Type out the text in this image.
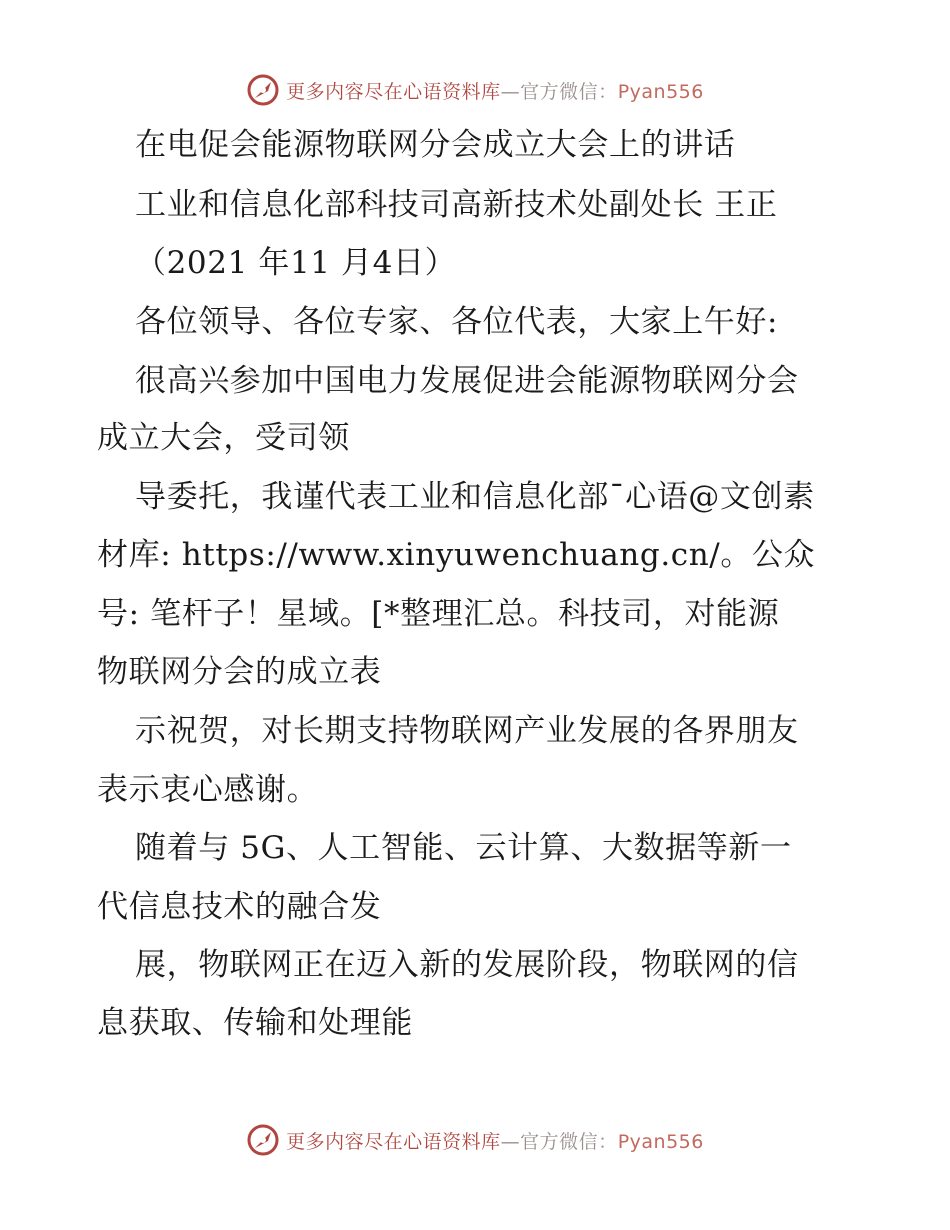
更多内容尽在心语资料库—官方微信：Pyan556
在电促会能源物联网分会成立大会上的讲话
工业和信息化部科技司高新技术处副处长 王正
（2021 年11 月4日）
各位领导、各位专家、各位代表，大家上午好:
很高兴参加中国电力发展促进会能源物联网分会
成立大会，受司领
导委托，我谨代表工业和信息化部¯心语@文创素
材库: https://www.xinyuwenchuang.cn/。公众
号: 笔杆子！星域。[*整理汇总。科技司，对能源
物联网分会的成立表
示祝贺，对长期支持物联网产业发展的各界朋友
表示衷心感谢。
随着与 5G、人工智能、云计算、大数据等新一
代信息技术的融合发
展，物联网正在迈入新的发展阶段，物联网的信
息获取、传输和处理能
更多内容尽在心语资料库—官方微信：Pyan556
